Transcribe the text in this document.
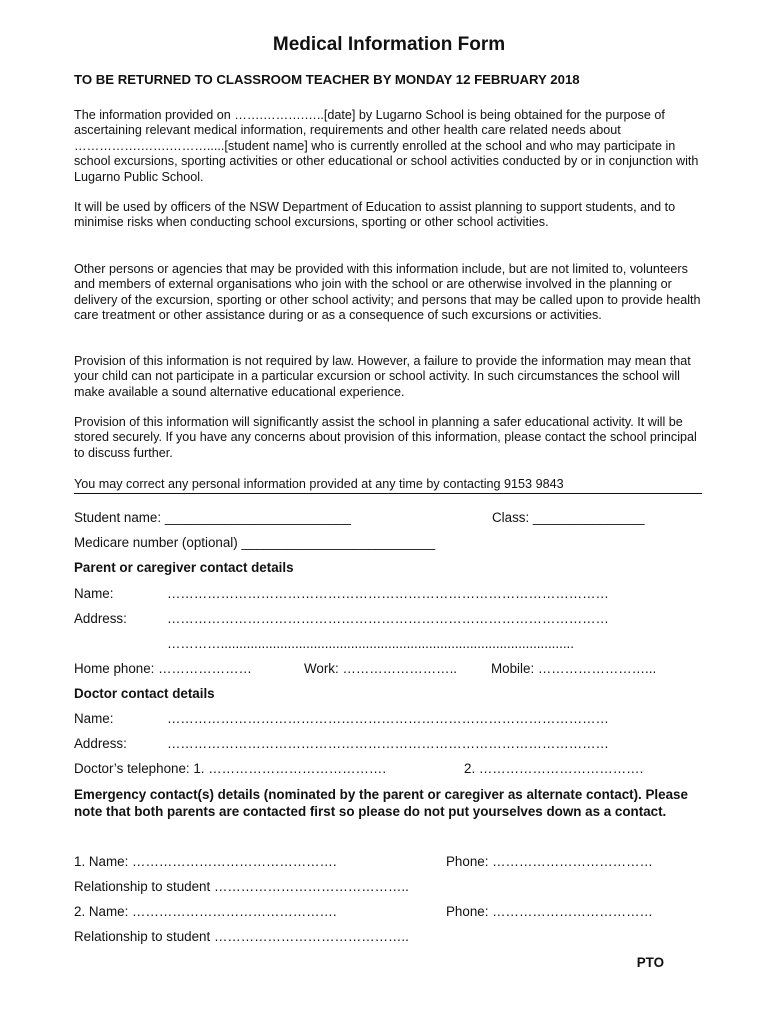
Medical Information Form

TO BE RETURNED TO CLASSROOM TEACHER BY MONDAY 12 FEBRUARY 2018

The information provided on …….……….…..[date] by Lugarno School is being obtained for the purpose of ascertaining relevant medical information, requirements and other health care related needs about …………….…….……….....[student name] who is currently enrolled at the school and who may participate in school excursions, sporting activities or other educational or school activities conducted by or in conjunction with Lugarno Public School.

It will be used by officers of the NSW Department of Education to assist planning to support students, and to minimise risks when conducting school excursions, sporting or other school activities.

Other persons or agencies that may be provided with this information include, but are not limited to, volunteers and members of external organisations who join with the school or are otherwise involved in the planning or delivery of the excursion, sporting or other school activity; and persons that may be called upon to provide health care treatment or other assistance during or as a consequence of such excursions or activities.

Provision of this information is not required by law. However, a failure to provide the information may mean that your child can not participate in a particular excursion or school activity. In such circumstances the school will make available a sound alternative educational experience.

Provision of this information will significantly assist the school in planning a safer educational activity. It will be stored securely. If you have any concerns about provision of this information, please contact the school principal to discuss further.

You may correct any personal information provided at any time by contacting 9153 9843
Student name: _________________________	Class: _______________
Medicare number (optional) __________________________

Parent or caregiver contact details

Name:	………………………………………………………………………………………
Address:	………………………………………………………………………………………
…………...............................................................................................
Home phone: …………………	Work: ……………………..	Mobile: ……………………...

Doctor contact details

Name:	………………………………………………………………………………………
Address:	………………………………………………………………………………………
Doctor’s telephone: 1. ………………………………….	2. ……………………………….

Emergency contact(s) details (nominated by the parent or caregiver as alternate contact). Please note that both parents are contacted first so please do not put yourselves down as a contact.

1. Name: ……………………………………….	Phone: ………………………………
Relationship to student ……………………………………..
2. Name: ……………………………………….	Phone: ………………………………
Relationship to student ……………………………………..
PTO
